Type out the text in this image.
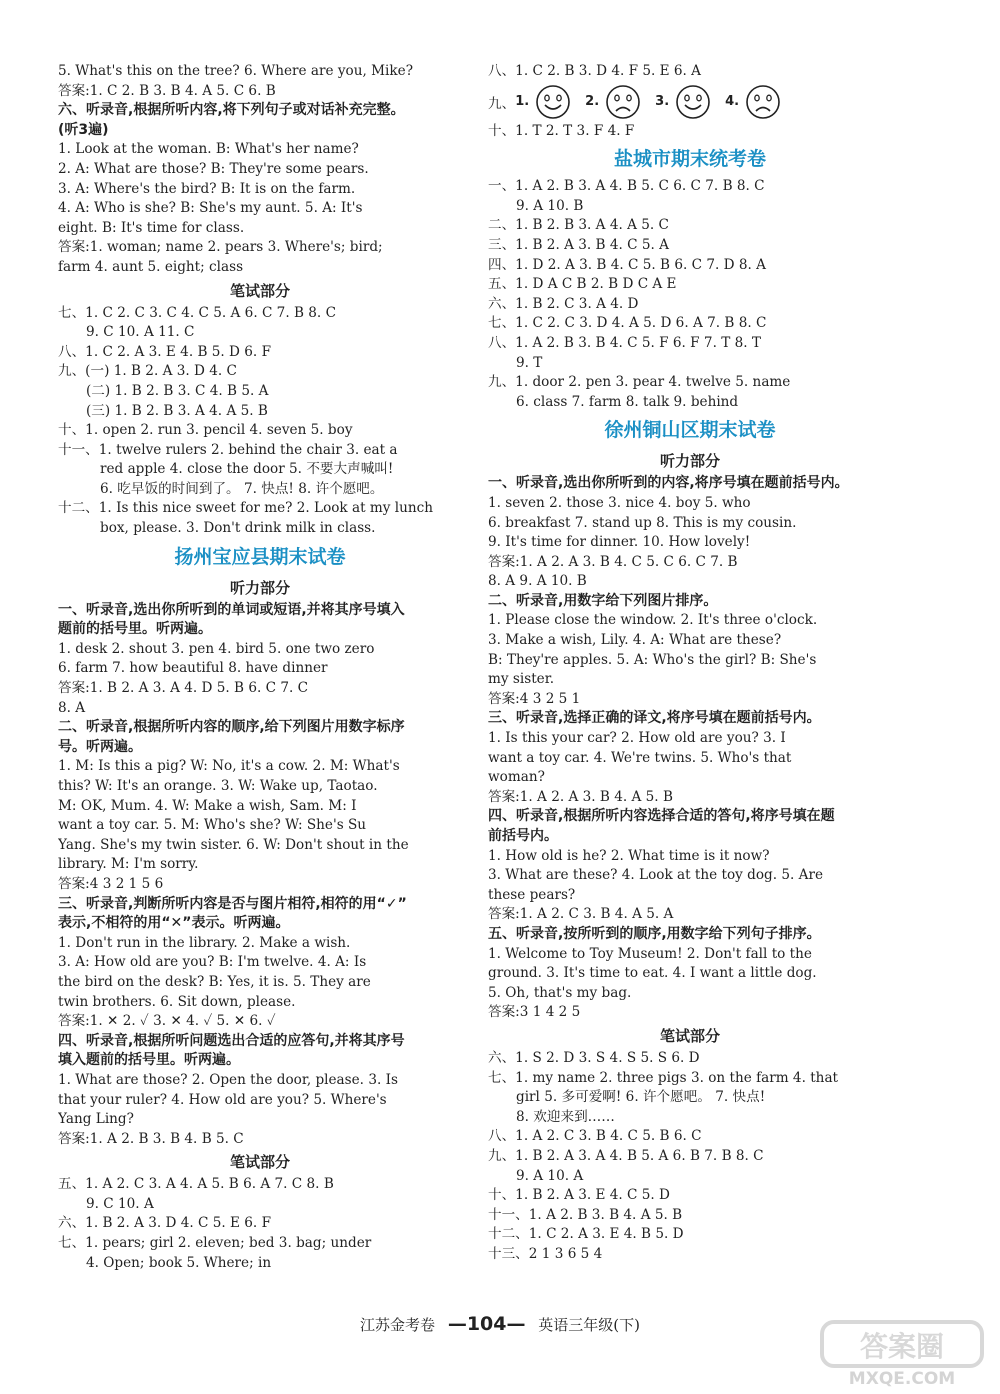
5. What's this on the tree? 6. Where are you, Mike?
答案:1. C 2. B 3. B 4. A 5. C 6. B
六、听录音,根据所听内容,将下列句子或对话补充完整。
(听3遍)
1. Look at the woman. B: What's her name?
2. A: What are those? B: They're some pears.
3. A: Where's the bird? B: It is on the farm.
4. A: Who is she? B: She's my aunt. 5. A: It's
eight. B: It's time for class.
答案:1. woman; name 2. pears 3. Where's; bird;
farm 4. aunt 5. eight; class
笔试部分
七、1. C 2. C 3. C 4. C 5. A 6. C 7. B 8. C
9. C 10. A 11. C
八、1. C 2. A 3. E 4. B 5. D 6. F
九、(一) 1. B 2. A 3. D 4. C
(二) 1. B 2. B 3. C 4. B 5. A
(三) 1. B 2. B 3. A 4. A 5. B
十、1. open 2. run 3. pencil 4. seven 5. boy
十一、1. twelve rulers 2. behind the chair 3. eat a
red apple 4. close the door 5. 不要大声喊叫!
6. 吃早饭的时间到了。 7. 快点! 8. 许个愿吧。
十二、1. Is this nice sweet for me? 2. Look at my lunch
box, please. 3. Don't drink milk in class.
扬州宝应县期末试卷
听力部分
一、听录音,选出你所听到的单词或短语,并将其序号填入
题前的括号里。听两遍。
1. desk 2. shout 3. pen 4. bird 5. one two zero
6. farm 7. how beautiful 8. have dinner
答案:1. B 2. A 3. A 4. D 5. B 6. C 7. C
8. A
二、听录音,根据所听内容的顺序,给下列图片用数字标序
号。听两遍。
1. M: Is this a pig? W: No, it's a cow. 2. M: What's
this? W: It's an orange. 3. W: Wake up, Taotao.
M: OK, Mum. 4. W: Make a wish, Sam. M: I
want a toy car. 5. M: Who's she? W: She's Su
Yang. She's my twin sister. 6. W: Don't shout in the
library. M: I'm sorry.
答案:4 3 2 1 5 6
三、听录音,判断所听内容是否与图片相符,相符的用“✓”
表示,不相符的用“✕”表示。听两遍。
1. Don't run in the library. 2. Make a wish.
3. A: How old are you? B: I'm twelve. 4. A: Is
the bird on the desk? B: Yes, it is. 5. They are
twin brothers. 6. Sit down, please.
答案:1. ✕ 2. ✓ 3. ✕ 4. ✓ 5. ✕ 6. ✓
四、听录音,根据所听问题选出合适的应答句,并将其序号
填入题前的括号里。听两遍。
1. What are those? 2. Open the door, please. 3. Is
that your ruler? 4. How old are you? 5. Where's
Yang Ling?
答案:1. A 2. B 3. B 4. B 5. C
笔试部分
五、1. A 2. C 3. A 4. A 5. B 6. A 7. C 8. B
9. C 10. A
六、1. B 2. A 3. D 4. C 5. E 6. F
七、1. pears; girl 2. eleven; bed 3. bag; under
4. Open; book 5. Where; in
八、1. C 2. B 3. D 4. F 5. E 6. A
九、 1.	2.	3.	4.
十、1. T 2. T 3. F 4. F
盐城市期末统考卷
一、1. A 2. B 3. A 4. B 5. C 6. C 7. B 8. C
9. A 10. B
二、1. B 2. B 3. A 4. A 5. C
三、1. B 2. A 3. B 4. C 5. A
四、1. D 2. A 3. B 4. C 5. B 6. C 7. D 8. A
五、1. D A C B 2. B D C A E
六、1. B 2. C 3. A 4. D
七、1. C 2. C 3. D 4. A 5. D 6. A 7. B 8. C
八、1. A 2. B 3. B 4. C 5. F 6. F 7. T 8. T
9. T
九、1. door 2. pen 3. pear 4. twelve 5. name
6. class 7. farm 8. talk 9. behind
徐州铜山区期末试卷
听力部分
一、听录音,选出你所听到的内容,将序号填在题前括号内。
1. seven 2. those 3. nice 4. boy 5. who
6. breakfast 7. stand up 8. This is my cousin.
9. It's time for dinner. 10. How lovely!
答案:1. A 2. A 3. B 4. C 5. C 6. C 7. B
8. A 9. A 10. B
二、听录音,用数字给下列图片排序。
1. Please close the window. 2. It's three o'clock.
3. Make a wish, Lily. 4. A: What are these?
B: They're apples. 5. A: Who's the girl? B: She's
my sister.
答案:4 3 2 5 1
三、听录音,选择正确的译文,将序号填在题前括号内。
1. Is this your car? 2. How old are you? 3. I
want a toy car. 4. We're twins. 5. Who's that
woman?
答案:1. A 2. A 3. B 4. A 5. B
四、听录音,根据所听内容选择合适的答句,将序号填在题
前括号内。
1. How old is he? 2. What time is it now?
3. What are these? 4. Look at the toy dog. 5. Are
these pears?
答案:1. A 2. C 3. B 4. A 5. A
五、听录音,按所听到的顺序,用数字给下列句子排序。
1. Welcome to Toy Museum! 2. Don't fall to the
ground. 3. It's time to eat. 4. I want a little dog.
5. Oh, that's my bag.
答案:3 1 4 2 5
笔试部分
六、1. S 2. D 3. S 4. S 5. S 6. D
七、1. my name 2. three pigs 3. on the farm 4. that
girl 5. 多可爱啊! 6. 许个愿吧。 7. 快点!
8. 欢迎来到……
八、1. A 2. C 3. B 4. C 5. B 6. C
九、1. B 2. A 3. A 4. B 5. A 6. B 7. B 8. C
9. A 10. A
十、1. B 2. A 3. E 4. C 5. D
十一、1. A 2. B 3. B 4. A 5. B
十二、1. C 2. A 3. E 4. B 5. D
十三、2 1 3 6 5 4
江苏金考卷 —104— 英语三年级(下)
答案圈
MXQE.COM
